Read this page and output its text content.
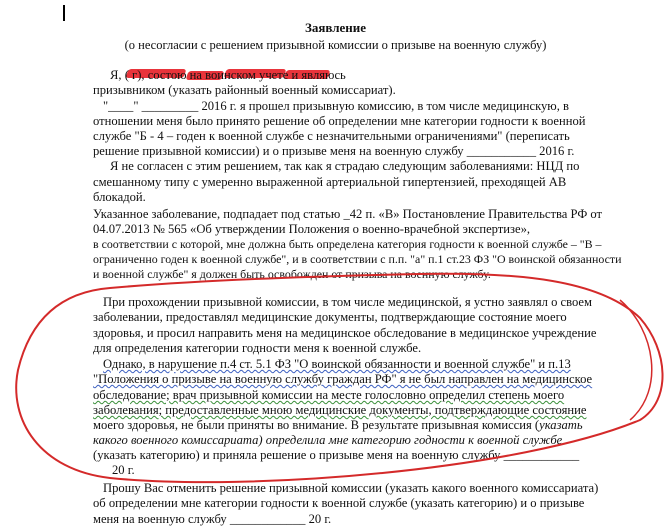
Заявление
(о несогласии с решением призывной комиссии о призыве на военную службу)
Я, ( г), состою на воинском учете и являюсь
призывником (указать районный военный комиссариат).
"____" _________ 2016 г. я прошел призывную комиссию, в том числе медицинскую, в
отношении меня было принято решение об определении мне категории годности к военной
службе "Б - 4 – годен к военной службе с незначительными ограничениями" (переписать
решение призывной комиссии) и о призыве меня на военную службу ___________ 2016 г.
Я не согласен с этим решением, так как я страдаю следующим заболеваниями: НЦД по
смешанному типу с умеренно выраженной артериальной гипертензией, преходящей АВ
блокадой.
Указанное заболевание, подпадает под статью _42 п. «В» Постановление Правительства РФ от
04.07.2013 № 565 «Об утверждении Положения о военно-врачебной экспертизе»,
в соответствии с которой, мне должна быть определена категория годности к военной службе – "В –
ограниченно годен к военной службе", и в соответствии с п.п. "а" п.1 ст.23 ФЗ "О воинской обязанности
и военной службе" я должен быть освобожден от призыва на военную службу.
При прохождении призывной комиссии, в том числе медицинской, я устно заявлял о своем
заболевании, предоставлял медицинские документы, подтверждающие состояние моего
здоровья, и просил направить меня на медицинское обследование в медицинское учреждение
для определения категории годности меня к военной службе.
Однако, в нарушение п.4 ст. 5.1 ФЗ "О воинской обязанности и военной службе" и п.13
"Положения о призыве на военную службу граждан РФ" я не был направлен на медицинское
обследование; врач призывной комиссии на месте голословно определил степень моего
заболевания; предоставленные мною медицинские документы, подтверждающие состояние
моего здоровья, не были приняты во внимание. В результате призывная комиссия (указать
какого военного комиссариата) определила мне категорию годности к военной службе
(указать категорию) и приняла решение о призыве меня на военную службу ____________
20 г.
Прошу Вас отменить решение призывной комиссии (указать какого военного комиссариата)
об определении мне категории годности к военной службе (указать категорию) и о призыве
меня на военную службу ____________ 20 г.
